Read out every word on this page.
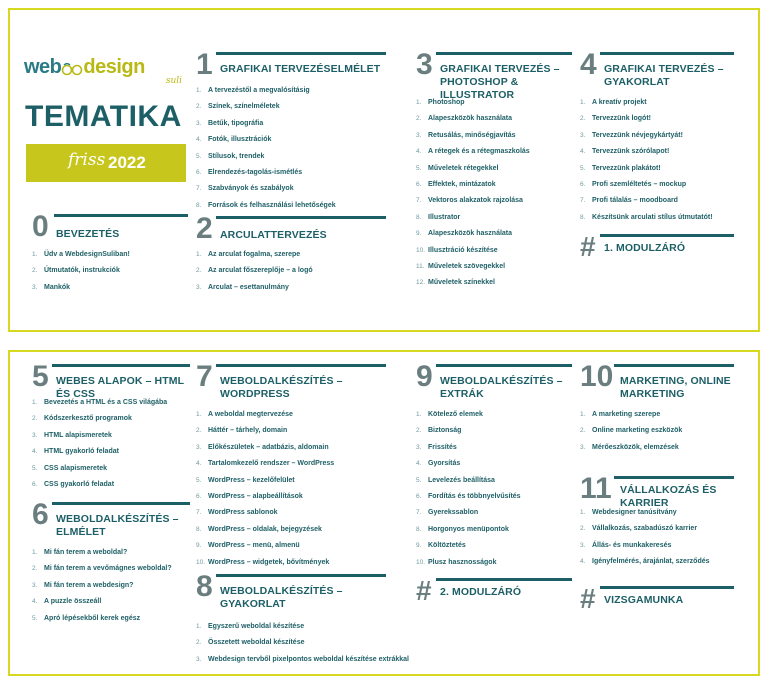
web design
suli
TEMATIKA
friss 2022
0 BEVEZETÉS
1. Üdv a WebdesignSuliban!
2. Útmutatók, instrukciók
3. Mankók
1 GRAFIKAI TERVEZÉSELMÉLET
1. A tervezéstől a megvalósításig
2. Színek, színelméletek
3. Betűk, tipográfia
4. Fotók, illusztrációk
5. Stílusok, trendek
6. Elrendezés-tagolás-ismétlés
7. Szabványok és szabályok
8. Források és felhasználási lehetőségek
2 ARCULATTERVEZÉS
1. Az arculat fogalma, szerepe
2. Az arculat főszereplője – a logó
3. Arculat – esettanulmány
3 GRAFIKAI TERVEZÉS – PHOTOSHOP & ILLUSTRATOR
1. Photoshop
2. Alapeszközök használata
3. Retusálás, minőségjavítás
4. A rétegek és a rétegmaszkolás
5. Műveletek rétegekkel
6. Effektek, mintázatok
7. Vektoros alakzatok rajzolása
8. Illustrator
9. Alapeszközök használata
10. Illusztráció készítése
11. Műveletek szövegekkel
12. Műveletek színekkel
4 GRAFIKAI TERVEZÉS – GYAKORLAT
1. A kreatív projekt
2. Tervezzünk logót!
3. Tervezzünk névjegykártyát!
4. Tervezzünk szórólapot!
5. Tervezzünk plakátot!
6. Profi szemléltetés – mockup
7. Profi tálalás – moodboard
8. Készítsünk arculati stílus útmutatót!
# 1. MODULZÁRÓ
5 WEBES ALAPOK – HTML ÉS CSS
1. Bevezetés a HTML és a CSS világába
2. Kódszerkesztő programok
3. HTML alapismeretek
4. HTML gyakorló feladat
5. CSS alapismeretek
6. CSS gyakorló feladat
6 WEBOLDALKÉSZÍTÉS – ELMÉLET
1. Mi fán terem a weboldal?
2. Mi fán terem a vevőmágnes weboldal?
3. Mi fán terem a webdesign?
4. A puzzle összeáll
5. Apró lépésekből kerek egész
7 WEBOLDALKÉSZÍTÉS – WORDPRESS
1. A weboldal megtervezése
2. Háttér – tárhely, domain
3. Előkészületek – adatbázis, aldomain
4. Tartalomkezelő rendszer – WordPress
5. WordPress – kezelőfelület
6. WordPress – alapbeállítások
7. WordPress sablonok
8. WordPress – oldalak, bejegyzések
9. WordPress – menü, almenü
10. WordPress – widgetek, bővítmények
8 WEBOLDALKÉSZÍTÉS – GYAKORLAT
1. Egyszerű weboldal készítése
2. Összetett weboldal készítése
3. Webdesign tervből pixelpontos weboldal készítése extrákkal
9 WEBOLDALKÉSZÍTÉS – EXTRÁK
1. Kötelező elemek
2. Biztonság
3. Frissítés
4. Gyorsítás
5. Levelezés beállítása
6. Fordítás és többnyelvűsítés
7. Gyerekssablon
8. Horgonyos menüpontok
9. Költöztetés
10. Plusz hasznosságok
# 2. MODULZÁRÓ
10 MARKETING, ONLINE MARKETING
1. A marketing szerepe
2. Online marketing eszközök
3. Mérőeszközök, elemzések
11 VÁLLALKOZÁS ÉS KARRIER
1. Webdesigner tanúsítvány
2. Vállalkozás, szabadúszó karrier
3. Állás- és munkakeresés
4. Igényfelmérés, árajánlat, szerződés
# VIZSGAMUNKA
